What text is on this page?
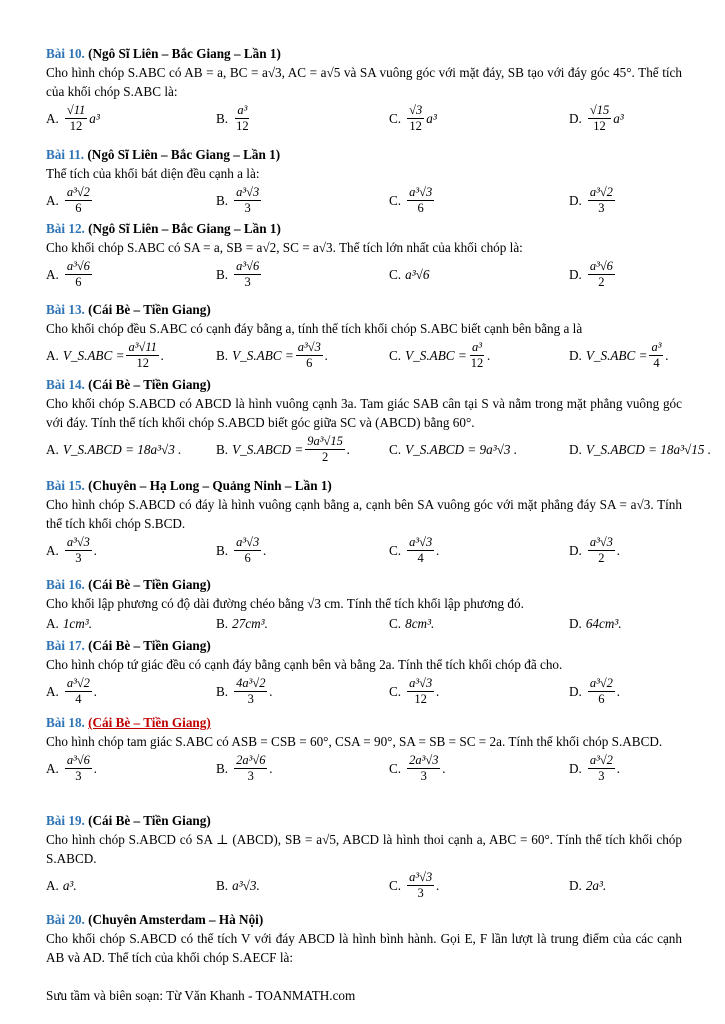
Bài 10. (Ngô Sĩ Liên – Bắc Giang – Lần 1)
Cho hình chóp S.ABC có AB = a, BC = a√3, AC = a√5 và SA vuông góc với mặt đáy, SB tạo với đáy góc 45°. Thể tích của khối chóp S.ABC là:
A. $\frac{√11}{12} a^3$	B. $\frac{\text{a³}}{12}$	C. $\frac{√3}{12} a^3$	D. $\frac{√15}{12} a^3$
Bài 11. (Ngô Sĩ Liên – Bắc Giang – Lần 1)
Thể tích của khối bát diện đều cạnh a là:
A. $\frac{\text{a³√2}}{6}$	B. $\frac{\text{a³√3}}{3}$	C. $\frac{\text{a³√3}}{6}$	D. $\frac{\text{a³√2}}{3}$
Bài 12. (Ngô Sĩ Liên – Bắc Giang – Lần 1)
Cho khối chóp S.ABC có SA = a, SB = a√2, SC = a√3. Thể tích lớn nhất của khối chóp là:
A. $\frac{\text{a³√6}}{6}$	B. $\frac{\text{a³√6}}{3}$	C. a³√6	D. $\frac{\text{a³√6}}{2}$
Bài 13. (Cái Bè – Tiền Giang)
Cho khối chóp đều S.ABC có cạnh đáy bằng a, tính thể tích khối chóp S.ABC biết cạnh bên bằng a là
A. V_S.ABC = $\frac{\text{a³√11}}{12}$ .	B. V_S.ABC = $\frac{\text{a³√3}}{6}$ .	C. V_S.ABC = $\frac{\text{a³}}{12}$ .	D. V_S.ABC = $\frac{\text{a³}}{4}$ .
Bài 14. (Cái Bè – Tiền Giang)
Cho khối chóp S.ABCD có ABCD là hình vuông cạnh 3a. Tam giác SAB cân tại S và nằm trong mặt phẳng vuông góc với đáy. Tính thể tích khối chóp S.ABCD biết góc giữa SC và (ABCD) bằng 60°.
A. V_S.ABCD = 18a³√3 .	B. V_S.ABCD = $\frac{\text{9a³√15}}{2}$ .	C. V_S.ABCD = 9a³√3 .	D. V_S.ABCD = 18a³√15 .
Bài 15. (Chuyên – Hạ Long – Quảng Ninh – Lần 1)
Cho hình chóp S.ABCD có đáy là hình vuông cạnh bằng a, cạnh bên SA vuông góc với mặt phẳng đáy SA = a√3. Tính thể tích khối chóp S.BCD.
A. $\frac{\text{a³√3}}{3}$ .	B. $\frac{\text{a³√3}}{6}$ .	C. $\frac{\text{a³√3}}{4}$ .	D. $\frac{\text{a³√3}}{2}$ .
Bài 16. (Cái Bè – Tiền Giang)
Cho khối lập phương có độ dài đường chéo bằng √3 cm. Tính thể tích khối lập phương đó.
A. 1cm³.	B. 27cm³.	C. 8cm³.	D. 64cm³.
Bài 17. (Cái Bè – Tiền Giang)
Cho hình chóp tứ giác đều có cạnh đáy bằng cạnh bên và bằng 2a. Tính thể tích khối chóp đã cho.
A. $\frac{\text{a³√2}}{4}$ .	B. $\frac{\text{4a³√2}}{3}$ .	C. $\frac{\text{a³√3}}{12}$ .	D. $\frac{\text{a³√2}}{6}$ .
Bài 18. (Cái Bè – Tiền Giang)
Cho hình chóp tam giác S.ABC có ASB = CSB = 60°, CSA = 90°, SA = SB = SC = 2a. Tính thể khối chóp S.ABCD.
A. $\frac{\text{a³√6}}{3}$ .	B. $\frac{\text{2a³√6}}{3}$ .	C. $\frac{\text{2a³√3}}{3}$ .	D. $\frac{\text{a³√2}}{3}$ .
Bài 19. (Cái Bè – Tiền Giang)
Cho hình chóp S.ABCD có SA ⊥ (ABCD), SB = a√5, ABCD là hình thoi cạnh a, ABC = 60°. Tính thể tích khối chóp S.ABCD.
A. a³.	B. a³√3.	C. $\frac{\text{a³√3}}{3}$ .	D. 2a³.
Bài 20. (Chuyên Amsterdam – Hà Nội)
Cho khối chóp S.ABCD có thể tích V với đáy ABCD là hình bình hành. Gọi E, F lần lượt là trung điểm của các cạnh AB và AD. Thể tích của khối chóp S.AECF là:
Sưu tầm và biên soạn: Từ Văn Khanh - TOANMATH.com
